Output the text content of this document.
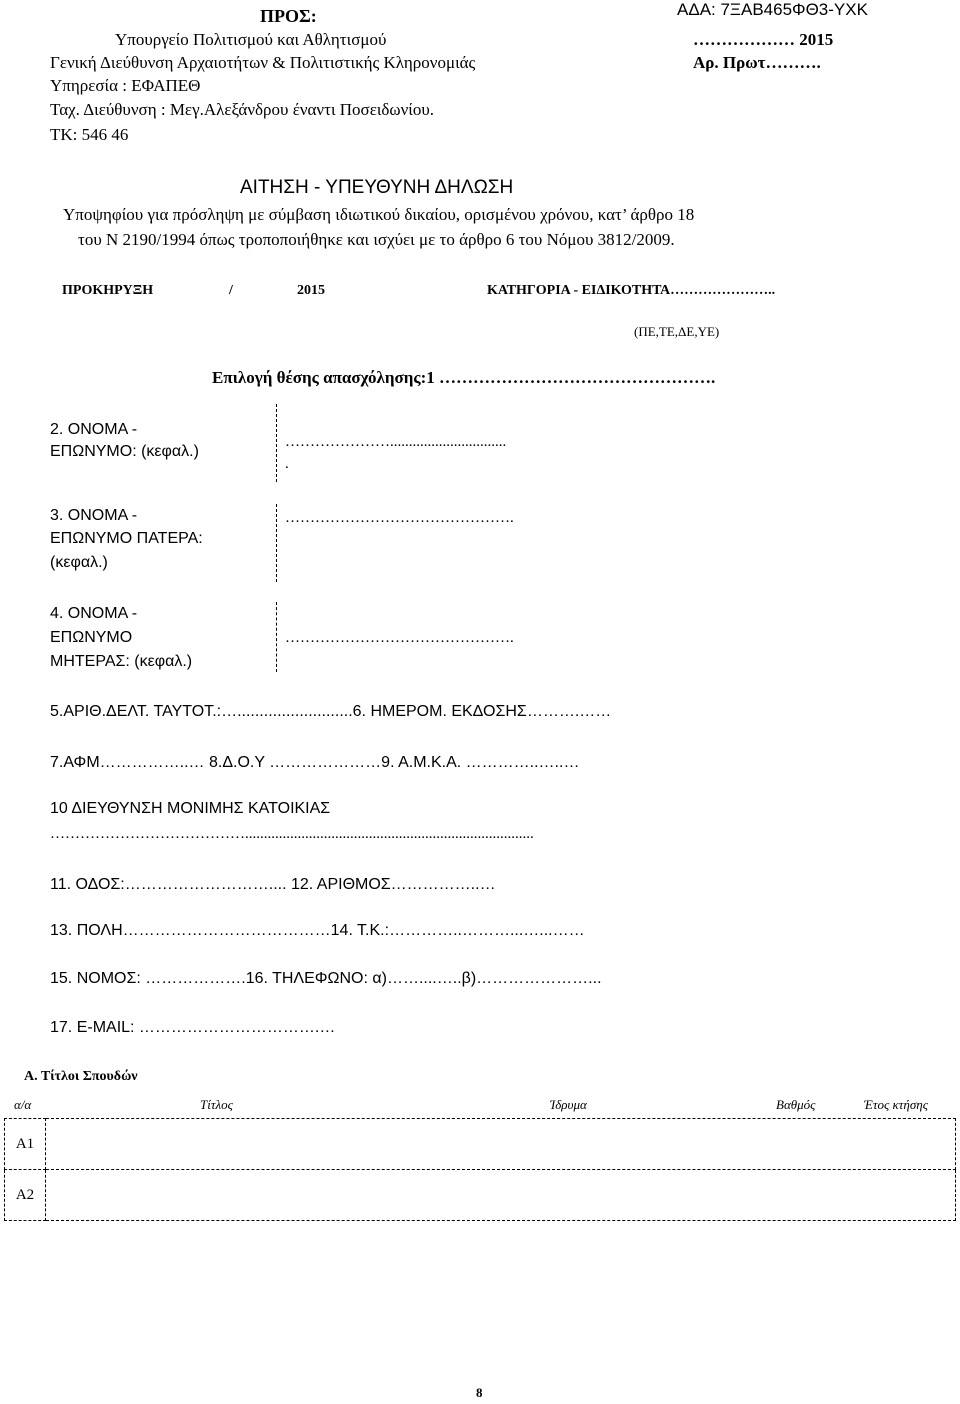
ΠΡΟΣ:	ΑΔΑ: 7ΞΑΒ465ΦΘ3-ΥΧΚ
Υπουργείο Πολιτισμού και Αθλητισμού	……………… 2015
Γενική Διεύθυνση Αρχαιοτήτων & Πολιτιστικής Κληρονομιάς	Αρ. Πρωτ……….
Υπηρεσία : ΕΦΑΠΕΘ
Ταχ. Διεύθυνση : Μεγ.Αλεξάνδρου έναντι Ποσειδωνίου.
ΤΚ: 546 46
ΑΙΤΗΣΗ - ΥΠΕΥΘΥΝΗ ΔΗΛΩΣΗ
Υποψηφίου για πρόσληψη με σύμβαση ιδιωτικού δικαίου, ορισμένου χρόνου, κατ’ άρθρο 18
του Ν 2190/1994 όπως τροποποιήθηκε και ισχύει με το άρθρο 6 του Νόμου 3812/2009.
ΠΡΟΚΗΡΥΞΗ	/	2015	ΚΑΤΗΓΟΡΙΑ - ΕΙΔΙΚΟΤΗΤΑ…………………..
(ΠΕ,ΤΕ,ΔΕ,ΥΕ)
Επιλογή θέσης απασχόλησης:1 ………………………………………….
2. ΟΝΟΜΑ -
ΕΠΩΝΥΜΟ: (κεφαλ.)
…………………...............................
.
3. ΟΝΟΜΑ -
ΕΠΩΝΥΜΟ ΠΑΤΕΡΑ:
(κεφαλ.)
……………………………………….
4. ΟΝΟΜΑ -
ΕΠΩΝΥΜΟ
ΜΗΤΕΡΑΣ: (κεφαλ.)
……………………………………….
5.ΑΡΙΘ.ΔΕΛΤ. ΤΑΥΤΟΤ.:…..........................6. ΗΜΕΡΟΜ. ΕΚΔΟΣΗΣ……….……
7.ΑΦΜ……………..… 8.Δ.Ο.Υ …………………9. Α.Μ.Κ.Α. …………..…..…
10 ΔΙΕΥΘΥΝΣΗ ΜΟΝΙΜΗΣ ΚΑΤΟΙΚΙΑΣ
………………………………….............................................................................
11. ΟΔΟΣ:……………………….... 12. ΑΡΙΘΜΟΣ……………..…
13. ΠΟΛΗ…………………………………14. Τ.Κ.:…………..………...…...……
15. ΝΟΜΟΣ: ……………….16. ΤΗΛΕΦΩΝΟ: α)……....…..β)…………………...
17. E-MAIL: …………………………….…
Α. Τίτλοι Σπουδών
α/α	Τίτλος	Ίδρυμα	Βαθμός	Έτος κτήσης
Α1	
Α2	
8
